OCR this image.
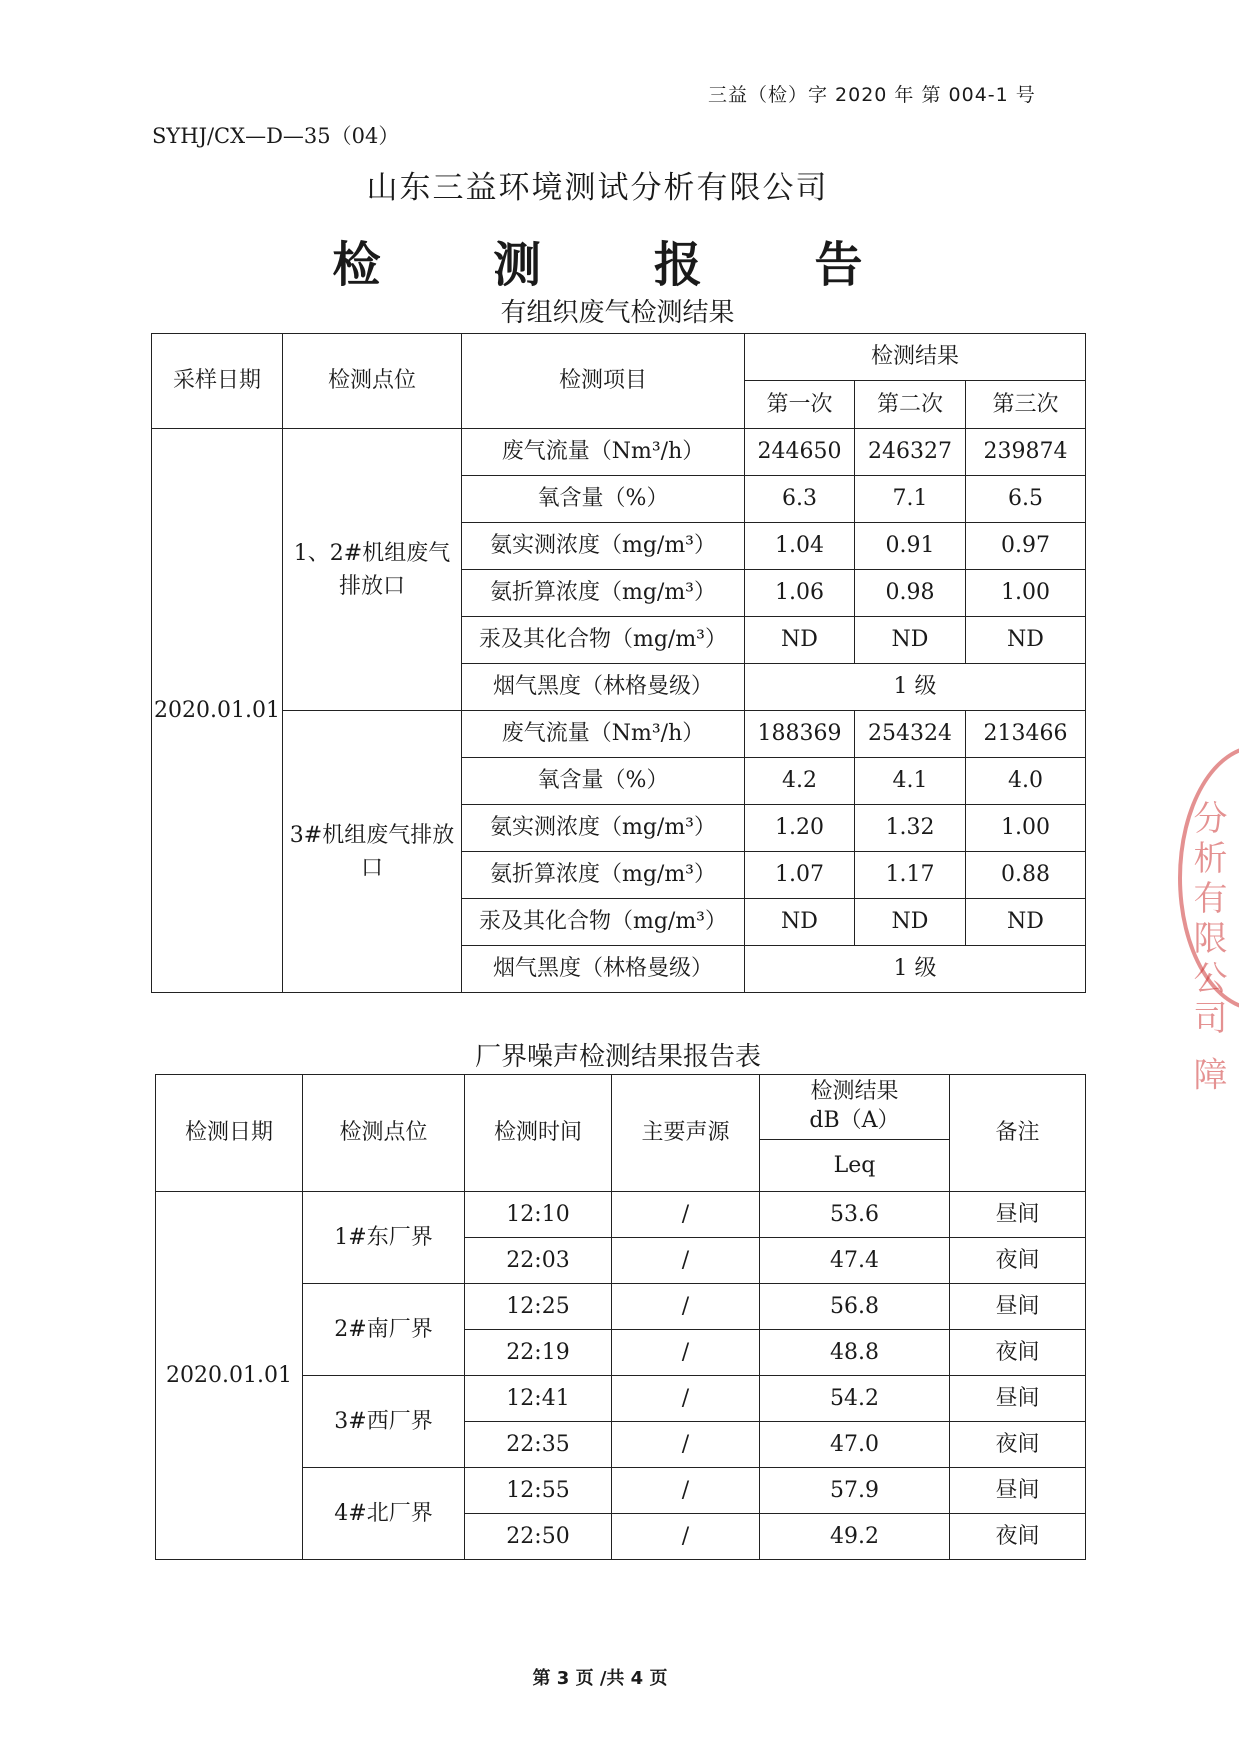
三益（检）字 2020 年 第 004-1 号
SYHJ/CX—D—35（04）
山东三益环境测试分析有限公司
检 测 报 告
有组织废气检测结果
采样日期	检测点位	检测项目	检测结果		
			第一次	第二次	第三次
2020.01.01	1、2#机组废气排放口	废气流量（Nm³/h）	244650	246327	239874
		氧含量（%）	6.3	7.1	6.5
		氨实测浓度（mg/m³）	1.04	0.91	0.97
		氨折算浓度（mg/m³）	1.06	0.98	1.00
		汞及其化合物（mg/m³）	ND	ND	ND
		烟气黑度（林格曼级）	1 级		
	3#机组废气排放口	废气流量（Nm³/h）	188369	254324	213466
		氧含量（%）	4.2	4.1	4.0
		氨实测浓度（mg/m³）	1.20	1.32	1.00
		氨折算浓度（mg/m³）	1.07	1.17	0.88
		汞及其化合物（mg/m³）	ND	ND	ND
		烟气黑度（林格曼级）	1 级		
厂界噪声检测结果报告表
检测日期	检测点位	检测时间	主要声源	检测结果 dB（A）	备注
				Leq	
2020.01.01	1#东厂界	12:10	/	53.6	昼间
		22:03	/	47.4	夜间
	2#南厂界	12:25	/	56.8	昼间
		22:19	/	48.8	夜间
	3#西厂界	12:41	/	54.2	昼间
		22:35	/	47.0	夜间
	4#北厂界	12:55	/	57.9	昼间
		22:50	/	49.2	夜间
第 3 页 /共 4 页
分析有限公司 障
